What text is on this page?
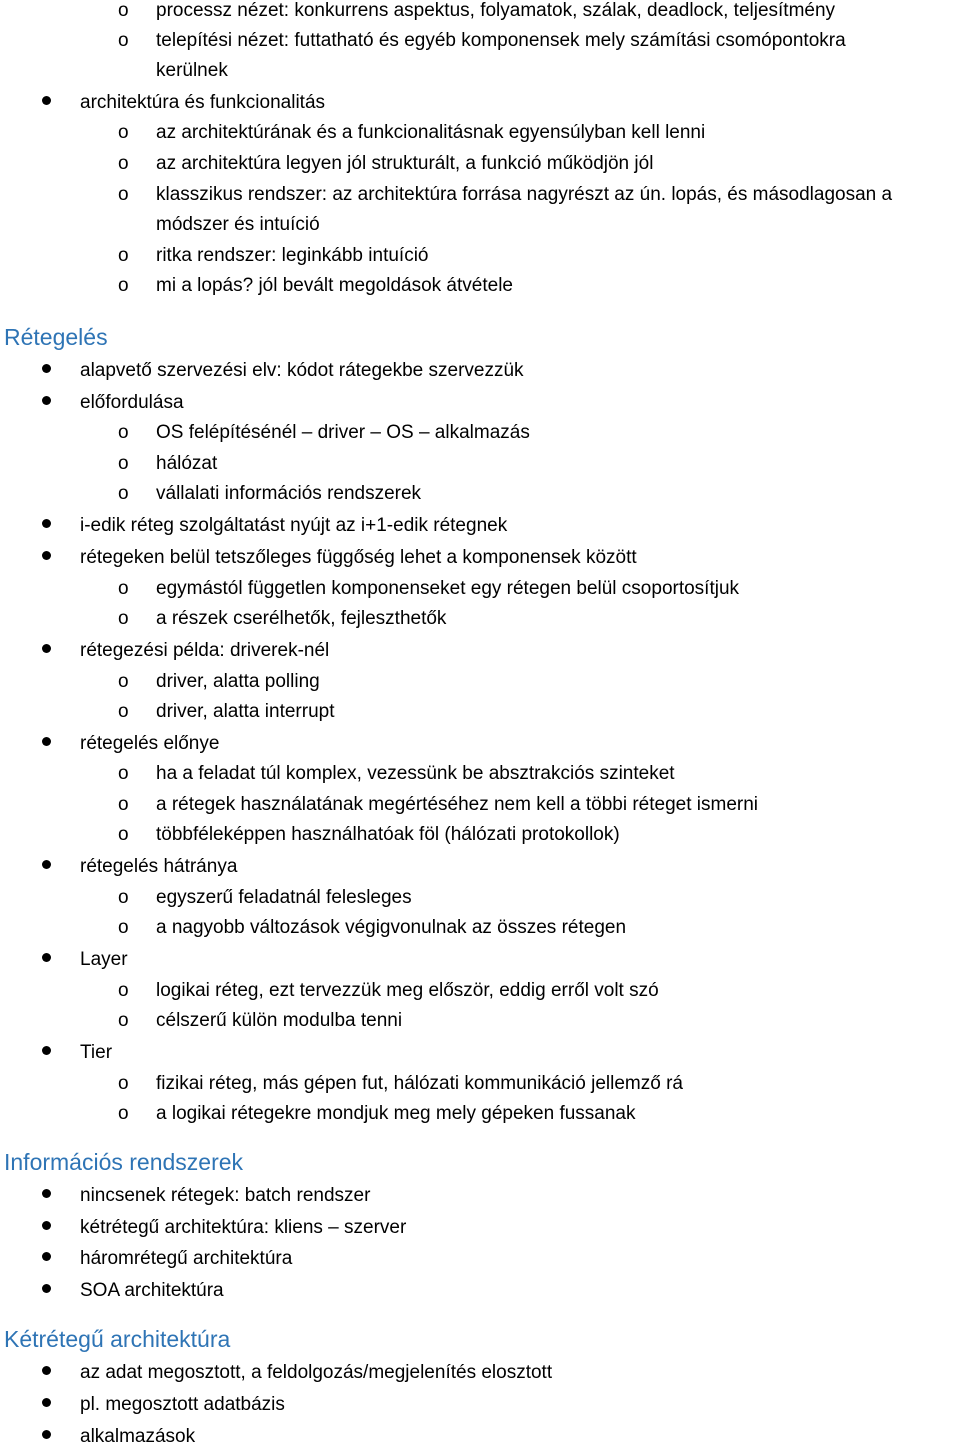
o processz nézet: konkurrens aspektus, folyamatok, szálak, deadlock, teljesítmény
o telepítési nézet: futtatható és egyéb komponensek mely számítási csomópontokra
kerülnek
architektúra és funkcionalitás
o az architektúrának és a funkcionalitásnak egyensúlyban kell lenni
o az architektúra legyen jól strukturált, a funkció működjön jól
o klasszikus rendszer: az architektúra forrása nagyrészt az ún. lopás, és másodlagosan a
módszer és intuíció
o ritka rendszer: leginkább intuíció
o mi a lopás? jól bevált megoldások átvétele
Rétegelés
alapvető szervezési elv: kódot rátegekbe szervezzük
előfordulása
o OS felépítésénél – driver – OS – alkalmazás
o hálózat
o vállalati információs rendszerek
i-edik réteg szolgáltatást nyújt az i+1-edik rétegnek
rétegeken belül tetszőleges függőség lehet a komponensek között
o egymástól független komponenseket egy rétegen belül csoportosítjuk
o a részek cserélhetők, fejleszthetők
rétegezési példa: driverek-nél
o driver, alatta polling
o driver, alatta interrupt
rétegelés előnye
o ha a feladat túl komplex, vezessünk be absztrakciós szinteket
o a rétegek használatának megértéséhez nem kell a többi réteget ismerni
o többféleképpen használhatóak föl (hálózati protokollok)
rétegelés hátránya
o egyszerű feladatnál felesleges
o a nagyobb változások végigvonulnak az összes rétegen
Layer
o logikai réteg, ezt tervezzük meg először, eddig erről volt szó
o célszerű külön modulba tenni
Tier
o fizikai réteg, más gépen fut, hálózati kommunikáció jellemző rá
o a logikai rétegekre mondjuk meg mely gépeken fussanak
Információs rendszerek
nincsenek rétegek: batch rendszer
kétrétegű architektúra: kliens – szerver
háromrétegű architektúra
SOA architektúra
Kétrétegű architektúra
az adat megosztott, a feldolgozás/megjelenítés elosztott
pl. megosztott adatbázis
alkalmazások
